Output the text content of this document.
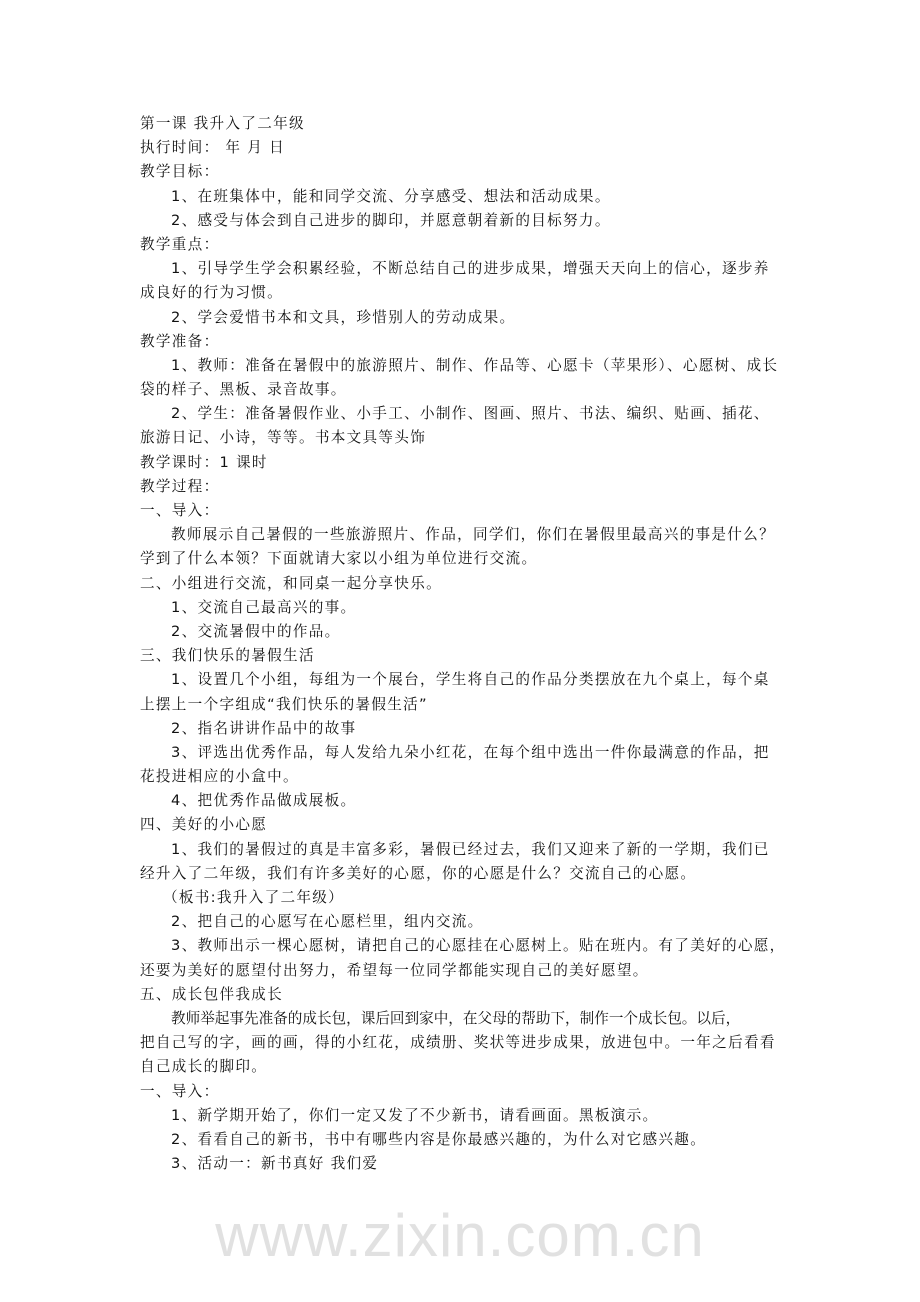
第一课 我升入了二年级
执行时间： 年 月 日
教学目标：
1、在班集体中，能和同学交流、分享感受、想法和活动成果。
2、感受与体会到自己进步的脚印，并愿意朝着新的目标努力。
教学重点：
1、引导学生学会积累经验，不断总结自己的进步成果，增强天天向上的信心，逐步养
成良好的行为习惯。
2、学会爱惜书本和文具，珍惜别人的劳动成果。
教学准备：
1、教师：准备在暑假中的旅游照片、制作、作品等、心愿卡（苹果形）、心愿树、成长
袋的样子、黑板、录音故事。
2、学生：准备暑假作业、小手工、小制作、图画、照片、书法、编织、贴画、插花、
旅游日记、小诗，等等。书本文具等头饰
教学课时：1 课时
教学过程：
一、导入：
教师展示自己暑假的一些旅游照片、作品，同学们，你们在暑假里最高兴的事是什么？
学到了什么本领？下面就请大家以小组为单位进行交流。
二、小组进行交流，和同桌一起分享快乐。
1、交流自己最高兴的事。
2、交流暑假中的作品。
三、我们快乐的暑假生活
1、设置几个小组，每组为一个展台，学生将自己的作品分类摆放在九个桌上，每个桌
上摆上一个字组成“我们快乐的暑假生活”
2、指名讲讲作品中的故事
3、评选出优秀作品，每人发给九朵小红花，在每个组中选出一件你最满意的作品，把
花投进相应的小盒中。
4、把优秀作品做成展板。
四、美好的小心愿
1、我们的暑假过的真是丰富多彩，暑假已经过去，我们又迎来了新的一学期，我们已
经升入了二年级，我们有许多美好的心愿，你的心愿是什么？交流自己的心愿。
（板书:我升入了二年级）
2、把自己的心愿写在心愿栏里，组内交流。
3、教师出示一棵心愿树，请把自己的心愿挂在心愿树上。贴在班内。有了美好的心愿，
还要为美好的愿望付出努力，希望每一位同学都能实现自己的美好愿望。
五、成长包伴我成长
教师举起事先准备的成长包，课后回到家中，在父母的帮助下，制作一个成长包。以后，
把自己写的字，画的画，得的小红花，成绩册、奖状等进步成果，放进包中。一年之后看看
自己成长的脚印。
一、导入：
1、新学期开始了，你们一定又发了不少新书，请看画面。黑板演示。
2、看看自己的新书，书中有哪些内容是你最感兴趣的，为什么对它感兴趣。
3、活动一：新书真好 我们爱
www.zixin.com.cn
